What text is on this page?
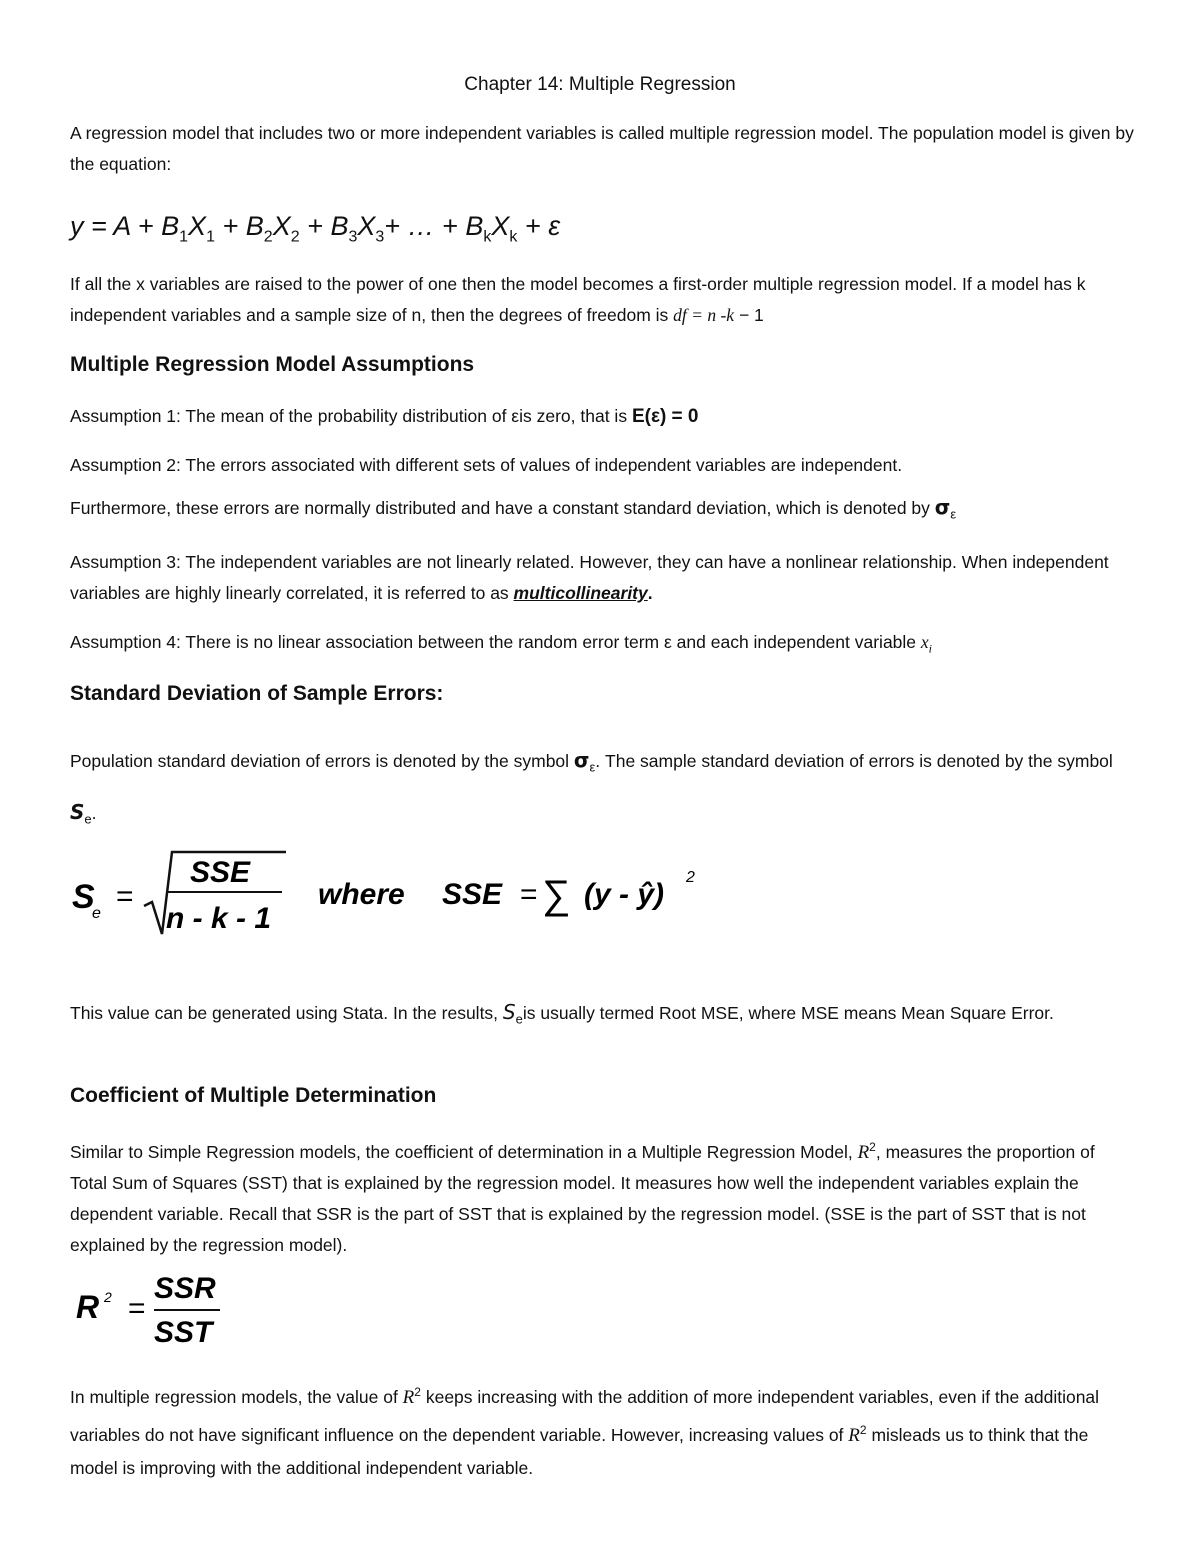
Chapter 14: Multiple Regression
A regression model that includes two or more independent variables is called multiple regression model. The population model is given by the equation:
$y = A + B_1X_1 + B_2X_2 + B_3X_3+$ … + $B_kX_k + \varepsilon$
If all the x variables are raised to the power of one then the model becomes a first-order multiple regression model. If a model has k independent variables and a sample size of n, then the degrees of freedom is df = n -k − 1
Multiple Regression Model Assumptions
Assumption 1: The mean of the probability distribution of εis zero, that is E(ε) = 0
Assumption 2: The errors associated with different sets of values of independent variables are independent.
Furthermore, these errors are normally distributed and have a constant standard deviation, which is denoted by $\sigma_\varepsilon$
Assumption 3: The independent variables are not linearly related. However, they can have a nonlinear relationship. When independent variables are highly linearly correlated, it is referred to as multicollinearity.
Assumption 4: There is no linear association between the random error term ε and each independent variable $x_i$
Standard Deviation of Sample Errors:
Population standard deviation of errors is denoted by the symbol $\sigma_\varepsilon$. The sample standard deviation of errors is denoted by the symbol $S_e$.
S
e
=
SSE
n - k - 1
where SSE = ∑ (y - ŷ)
2
This value can be generated using Stata. In the results, $S_eis$ usually termed Root MSE, where MSE means Mean Square Error.
Coefficient of Multiple Determination
Similar to Simple Regression models, the coefficient of determination in a Multiple Regression Model, $R^2$, measures the proportion of Total Sum of Squares (SST) that is explained by the regression model. It measures how well the independent variables explain the dependent variable. Recall that SSR is the part of SST that is explained by the regression model. (SSE is the part of SST that is not explained by the regression model).
R 2 =
SSR
SST
In multiple regression models, the value of $R^2$ keeps increasing with the addition of more independent variables, even if the additional variables do not have significant influence on the dependent variable. However, increasing values of $R^2$ misleads us to think that the model is improving with the additional independent variable.
